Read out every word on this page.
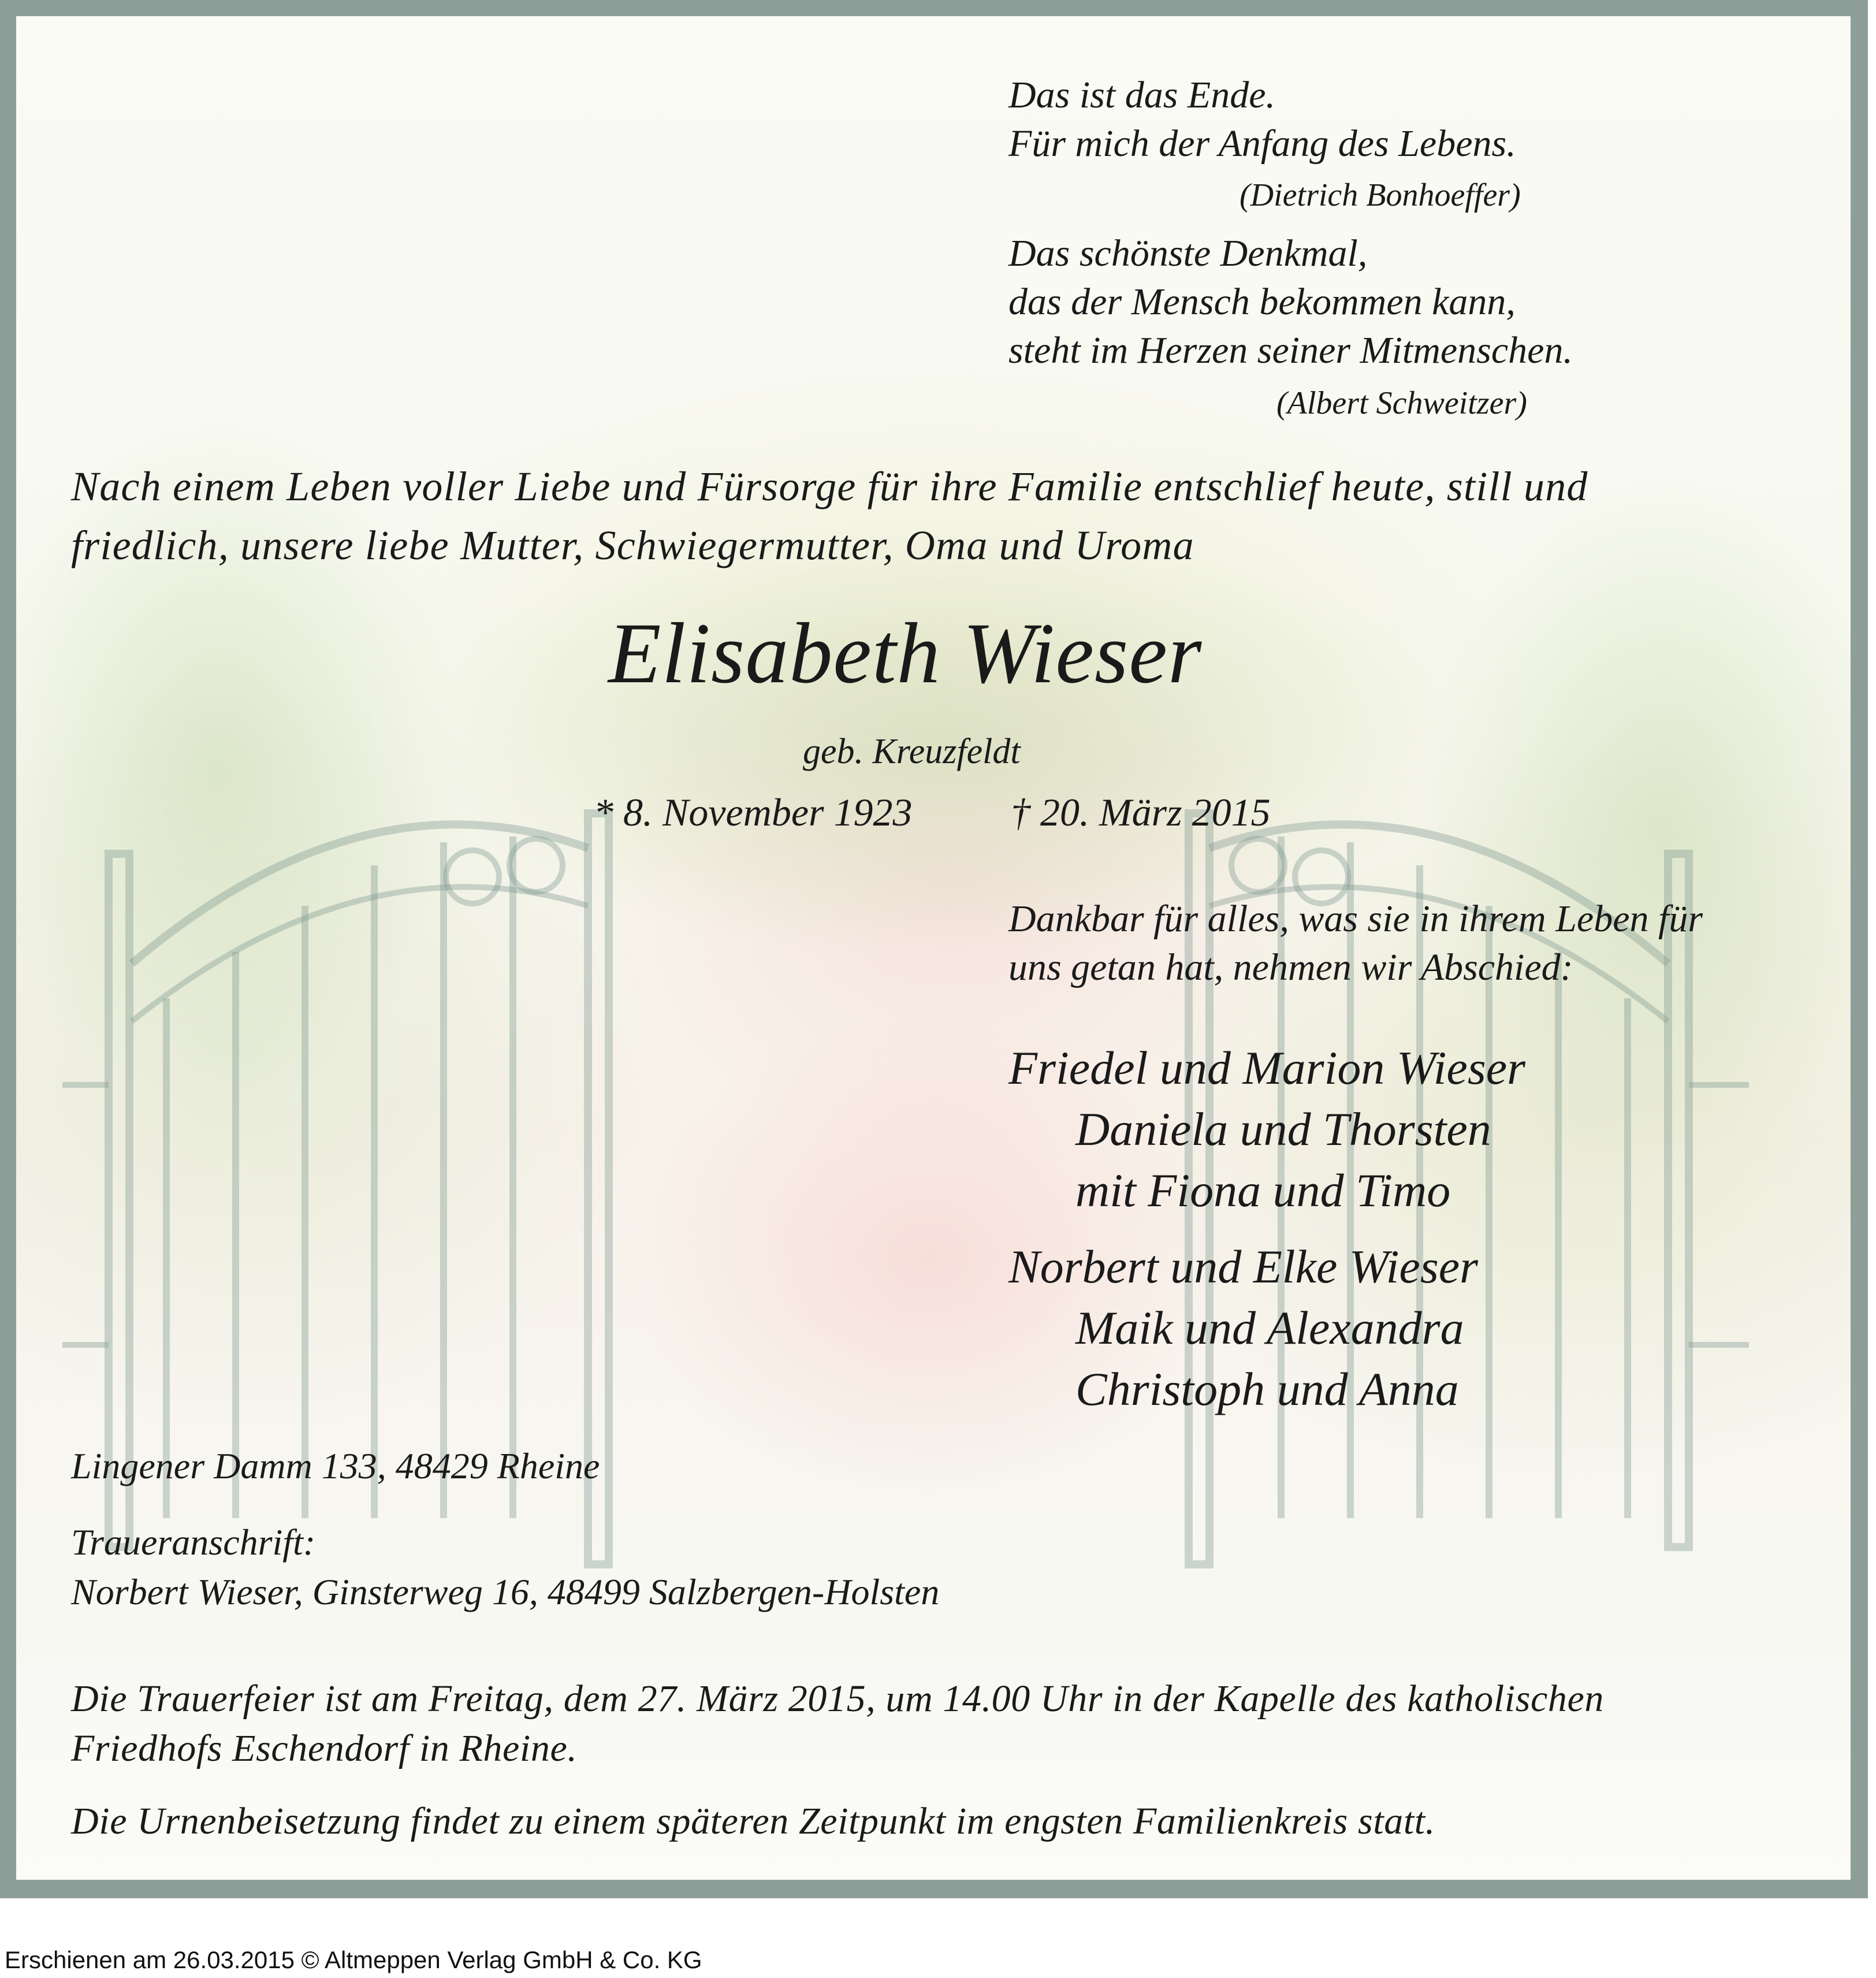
Das ist das Ende.

Für mich der Anfang des Lebens.

(Dietrich Bonhoeffer)

Das schönste Denkmal,

das der Mensch bekommen kann,

steht im Herzen seiner Mitmenschen.

(Albert Schweitzer)

Nach einem Leben voller Liebe und Fürsorge für ihre Familie entschlief heute, still und

friedlich, unsere liebe Mutter, Schwiegermutter, Oma und Uroma

Elisabeth Wieser

geb. Kreuzfeldt

* 8. November 1923	† 20. März 2015

Dankbar für alles, was sie in ihrem Leben für

uns getan hat, nehmen wir Abschied:

Friedel und Marion Wieser

Daniela und Thorsten

mit Fiona und Timo

Norbert und Elke Wieser

Maik und Alexandra

Christoph und Anna

Lingener Damm 133, 48429 Rheine

Traueranschrift:

Norbert Wieser, Ginsterweg 16, 48499 Salzbergen-Holsten

Die Trauerfeier ist am Freitag, dem 27. März 2015, um 14.00 Uhr in der Kapelle des katholischen

Friedhofs Eschendorf in Rheine.

Die Urnenbeisetzung findet zu einem späteren Zeitpunkt im engsten Familienkreis statt.

Erschienen am 26.03.2015 © Altmeppen Verlag GmbH & Co. KG
